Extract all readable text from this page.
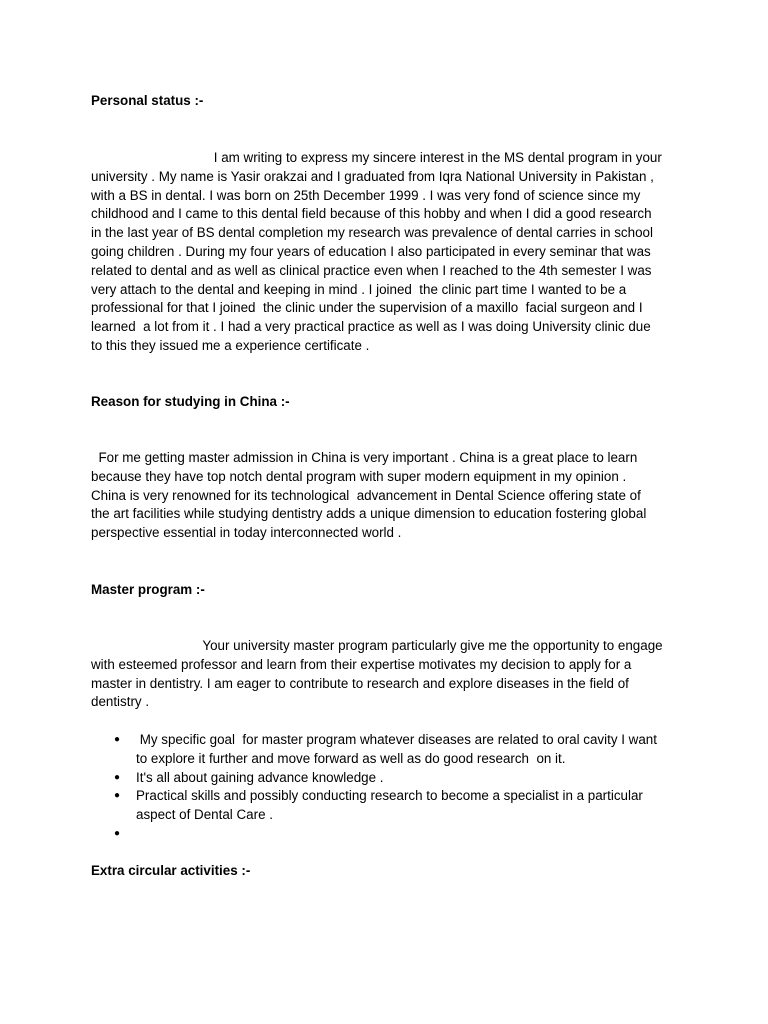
Personal status :-

I am writing to express my sincere interest in the MS dental program in your
university . My name is Yasir orakzai and I graduated from Iqra National University in Pakistan ,
with a BS in dental. I was born on 25th December 1999 . I was very fond of science since my
childhood and I came to this dental field because of this hobby and when I did a good research
in the last year of BS dental completion my research was prevalence of dental carries in school
going children . During my four years of education I also participated in every seminar that was
related to dental and as well as clinical practice even when I reached to the 4th semester I was
very attach to the dental and keeping in mind . I joined  the clinic part time I wanted to be a
professional for that I joined  the clinic under the supervision of a maxillo  facial surgeon and I
learned  a lot from it . I had a very practical practice as well as I was doing University clinic due
to this they issued me a experience certificate .

Reason for studying in China :-

For me getting master admission in China is very important . China is a great place to learn
because they have top notch dental program with super modern equipment in my opinion .
China is very renowned for its technological  advancement in Dental Science offering state of
the art facilities while studying dentistry adds a unique dimension to education fostering global
perspective essential in today interconnected world .

Master program :-

Your university master program particularly give me the opportunity to engage
with esteemed professor and learn from their expertise motivates my decision to apply for a
master in dentistry. I am eager to contribute to research and explore diseases in the field of
dentistry .

● My specific goal  for master program whatever diseases are related to oral cavity I want
to explore it further and move forward as well as do good research  on it.
● It's all about gaining advance knowledge .
● Practical skills and possibly conducting research to become a specialist in a particular
aspect of Dental Care .
●
Extra circular activities :-
